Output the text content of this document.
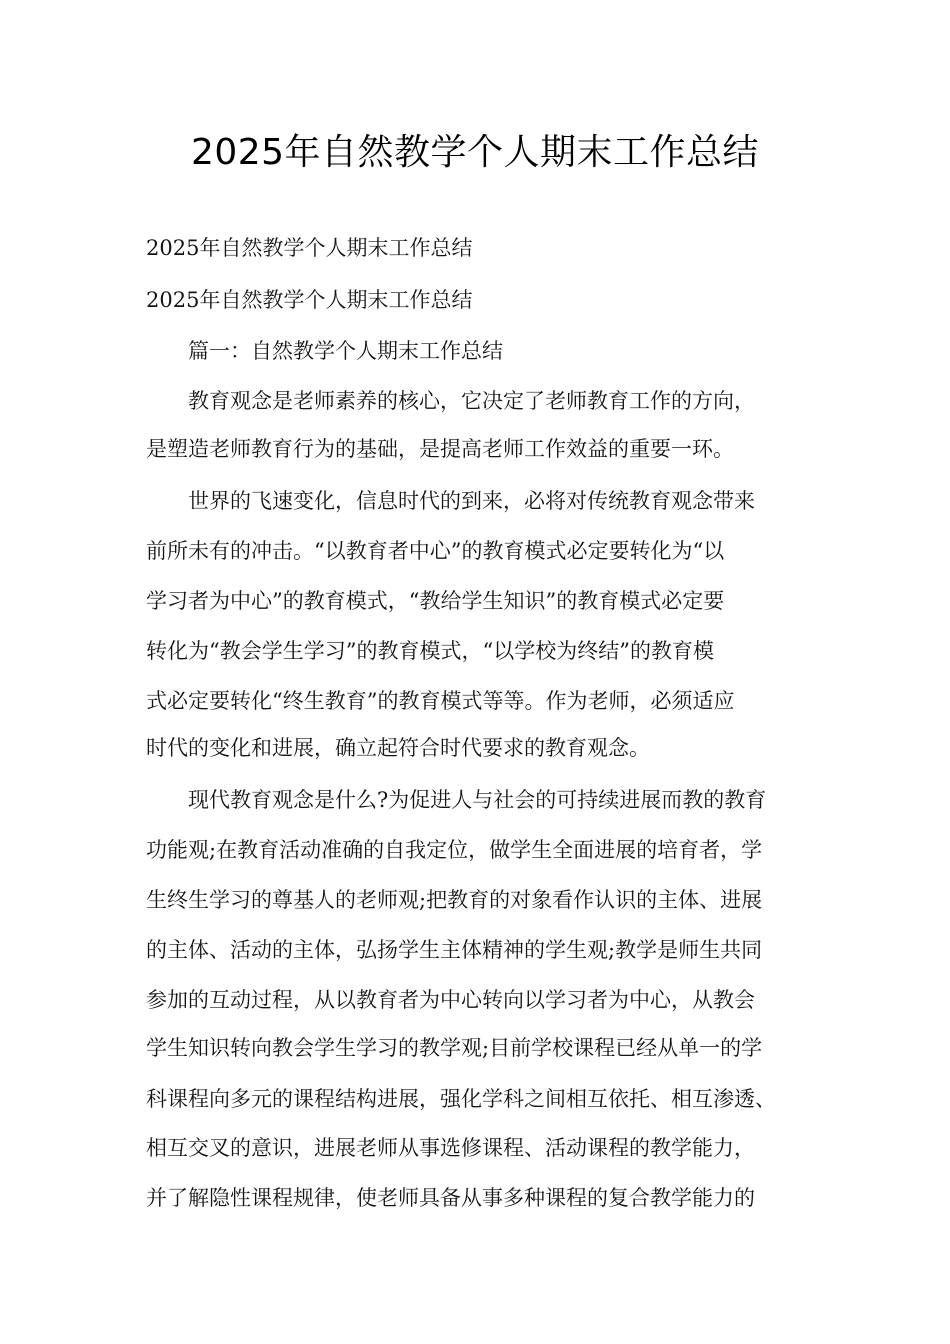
2025年自然教学个人期末工作总结
2025年自然教学个人期末工作总结
2025年自然教学个人期末工作总结
　　篇一：自然教学个人期末工作总结
　　教育观念是老师素养的核心，它决定了老师教育工作的方向，
是塑造老师教育行为的基础，是提高老师工作效益的重要一环。
　　世界的飞速变化，信息时代的到来，必将对传统教育观念带来
前所未有的冲击。“以教育者中心”的教育模式必定要转化为“以
学习者为中心”的教育模式，“教给学生知识”的教育模式必定要
转化为“教会学生学习”的教育模式，“以学校为终结”的教育模
式必定要转化“终生教育”的教育模式等等。作为老师，必须适应
时代的变化和进展，确立起符合时代要求的教育观念。
　　现代教育观念是什么?为促进人与社会的可持续进展而教的教育
功能观;在教育活动准确的自我定位，做学生全面进展的培育者，学
生终生学习的尊基人的老师观;把教育的对象看作认识的主体、进展
的主体、活动的主体，弘扬学生主体精神的学生观;教学是师生共同
参加的互动过程，从以教育者为中心转向以学习者为中心，从教会
学生知识转向教会学生学习的教学观;目前学校课程已经从单一的学
科课程向多元的课程结构进展，强化学科之间相互依托、相互渗透、
相互交叉的意识，进展老师从事选修课程、活动课程的教学能力，
并了解隐性课程规律，使老师具备从事多种课程的复合教学能力的
